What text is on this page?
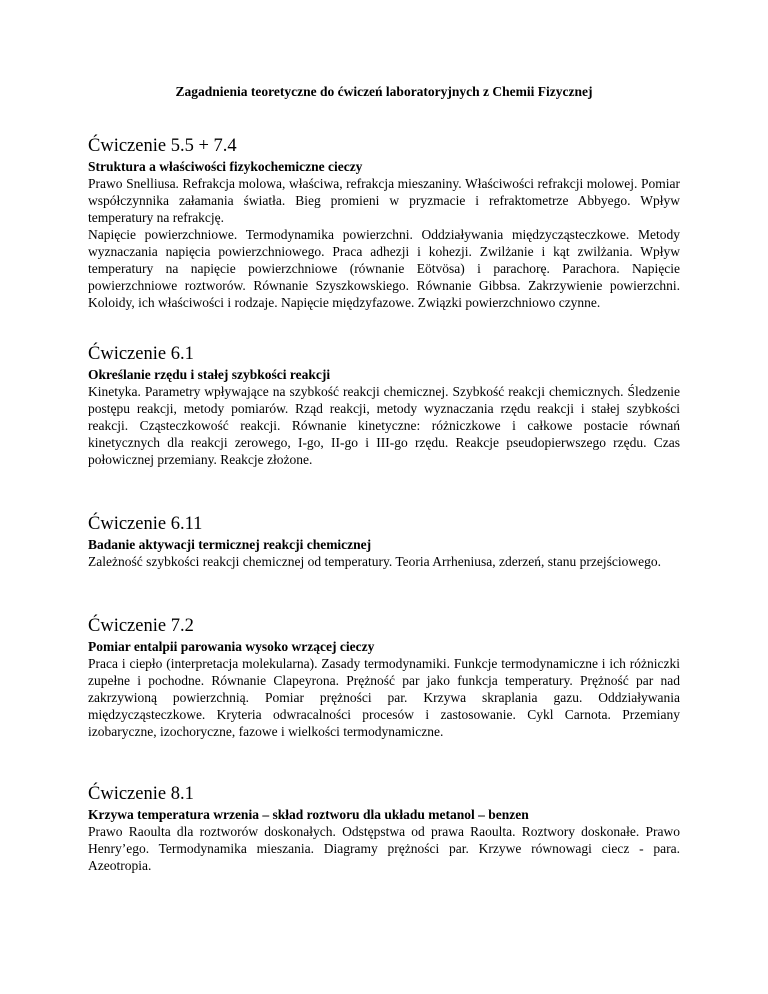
Zagadnienia teoretyczne do ćwiczeń laboratoryjnych z Chemii Fizycznej
Ćwiczenie 5.5 + 7.4
Struktura a właściwości fizykochemiczne cieczy

Prawo Snelliusa. Refrakcja molowa, właściwa, refrakcja mieszaniny. Właściwości refrakcji molowej. Pomiar współczynnika załamania światła. Bieg promieni w pryzmacie i refraktometrze Abbyego. Wpływ temperatury na refrakcję.

Napięcie powierzchniowe. Termodynamika powierzchni. Oddziaływania międzycząsteczkowe. Metody wyznaczania napięcia powierzchniowego. Praca adhezji i kohezji. Zwilżanie i kąt zwilżania. Wpływ temperatury na napięcie powierzchniowe (równanie Eötvösa) i parachorę. Parachora. Napięcie powierzchniowe roztworów. Równanie Szyszkowskiego. Równanie Gibbsa. Zakrzywienie powierzchni. Koloidy, ich właściwości i rodzaje. Napięcie międzyfazowe. Związki powierzchniowo czynne.

Ćwiczenie 6.1
Określanie rzędu i stałej szybkości reakcji

Kinetyka. Parametry wpływające na szybkość reakcji chemicznej. Szybkość reakcji chemicznych. Śledzenie postępu reakcji, metody pomiarów. Rząd reakcji, metody wyznaczania rzędu reakcji i stałej szybkości reakcji. Cząsteczkowość reakcji. Równanie kinetyczne: różniczkowe i całkowe postacie równań kinetycznych dla reakcji zerowego, I-go, II-go i III-go rzędu. Reakcje pseudopierwszego rzędu. Czas połowicznej przemiany. Reakcje złożone.

Ćwiczenie 6.11
Badanie aktywacji termicznej reakcji chemicznej

Zależność szybkości reakcji chemicznej od temperatury. Teoria Arrheniusa, zderzeń, stanu przejściowego.

Ćwiczenie 7.2
Pomiar entalpii parowania wysoko wrzącej cieczy

Praca i ciepło (interpretacja molekularna). Zasady termodynamiki. Funkcje termodynamiczne i ich różniczki zupełne i pochodne. Równanie Clapeyrona. Prężność par jako funkcja temperatury. Prężność par nad zakrzywioną powierzchnią. Pomiar prężności par. Krzywa skraplania gazu. Oddziaływania międzycząsteczkowe. Kryteria odwracalności procesów i zastosowanie. Cykl Carnota. Przemiany izobaryczne, izochoryczne, fazowe i wielkości termodynamiczne.

Ćwiczenie 8.1
Krzywa temperatura wrzenia – skład roztworu dla układu metanol – benzen

Prawo Raoulta dla roztworów doskonałych. Odstępstwa od prawa Raoulta. Roztwory doskonałe. Prawo Henry’ego. Termodynamika mieszania. Diagramy prężności par. Krzywe równowagi ciecz - para. Azeotropia.
